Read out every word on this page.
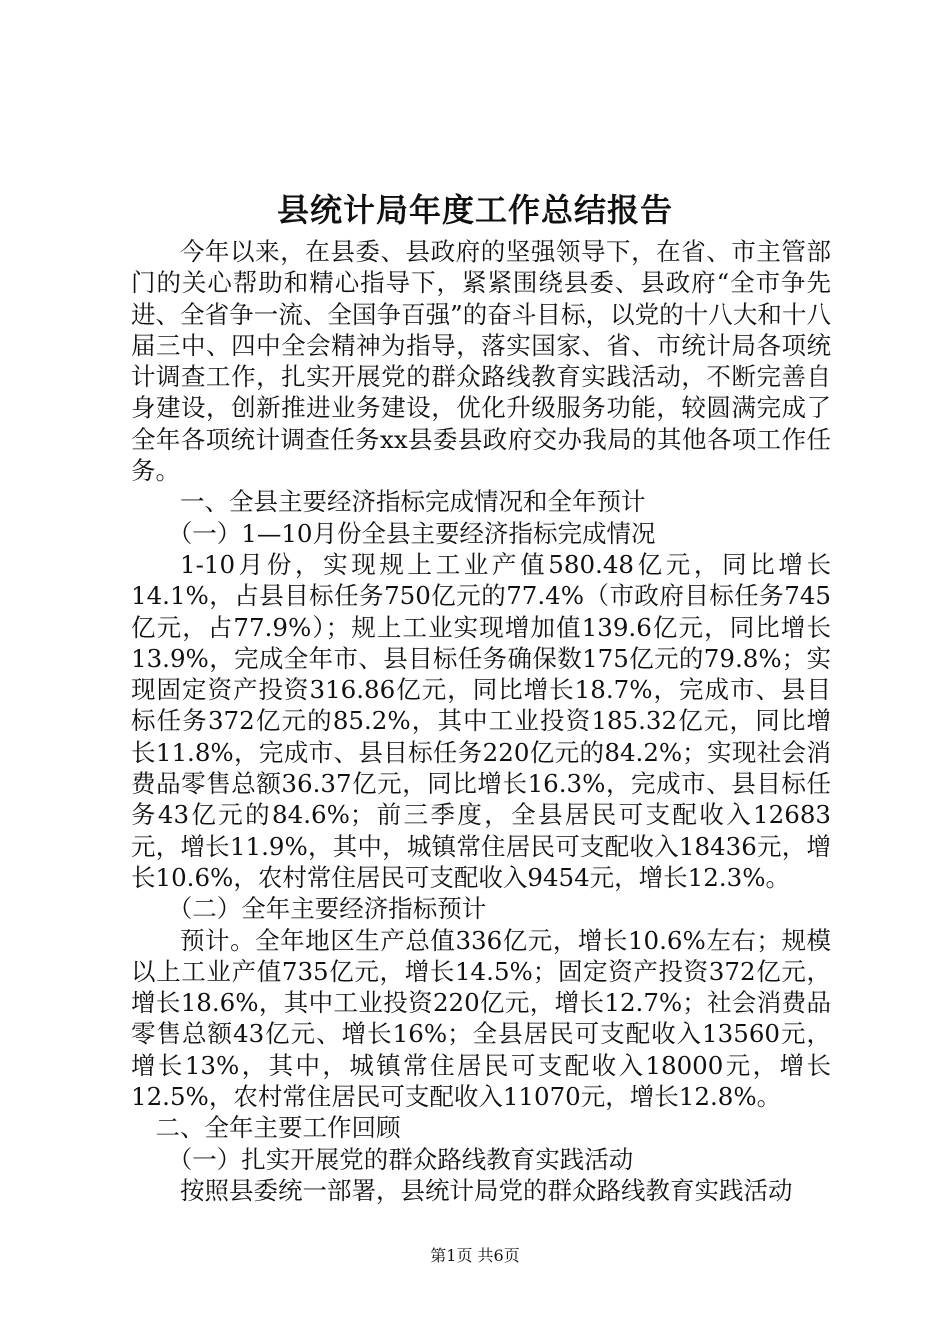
县统计局年度工作总结报告

今年以来，在县委、县政府的坚强领导下，在省、市主管部门的关心帮助和精心指导下，紧紧围绕县委、县政府“全市争先进、全省争一流、全国争百强”的奋斗目标，以党的十八大和十八届三中、四中全会精神为指导，落实国家、省、市统计局各项统计调查工作，扎实开展党的群众路线教育实践活动，不断完善自身建设，创新推进业务建设，优化升级服务功能，较圆满完成了全年各项统计调查任务xx县委县政府交办我局的其他各项工作任务。

一、全县主要经济指标完成情况和全年预计

（一）1—10月份全县主要经济指标完成情况

1-10月份，实现规上工业产值580.48亿元，同比增长14.1%，占县目标任务750亿元的77.4%（市政府目标任务745亿元，占77.9%）；规上工业实现增加值139.6亿元，同比增长13.9%，完成全年市、县目标任务确保数175亿元的79.8%；实现固定资产投资316.86亿元，同比增长18.7%，完成市、县目标任务372亿元的85.2%，其中工业投资185.32亿元，同比增长11.8%，完成市、县目标任务220亿元的84.2%；实现社会消费品零售总额36.37亿元，同比增长16.3%，完成市、县目标任务43亿元的84.6%；前三季度，全县居民可支配收入12683元，增长11.9%，其中，城镇常住居民可支配收入18436元，增长10.6%，农村常住居民可支配收入9454元，增长12.3%。

（二）全年主要经济指标预计

预计。全年地区生产总值336亿元，增长10.6%左右；规模以上工业产值735亿元，增长14.5%；固定资产投资372亿元，增长18.6%，其中工业投资220亿元，增长12.7%；社会消费品零售总额43亿元、增长16%；全县居民可支配收入13560元，增长13%，其中，城镇常住居民可支配收入18000元，增长12.5%，农村常住居民可支配收入11070元，增长12.8%。

二、全年主要工作回顾

（一）扎实开展党的群众路线教育实践活动

按照县委统一部署，县统计局党的群众路线教育实践活动

第1页 共6页
